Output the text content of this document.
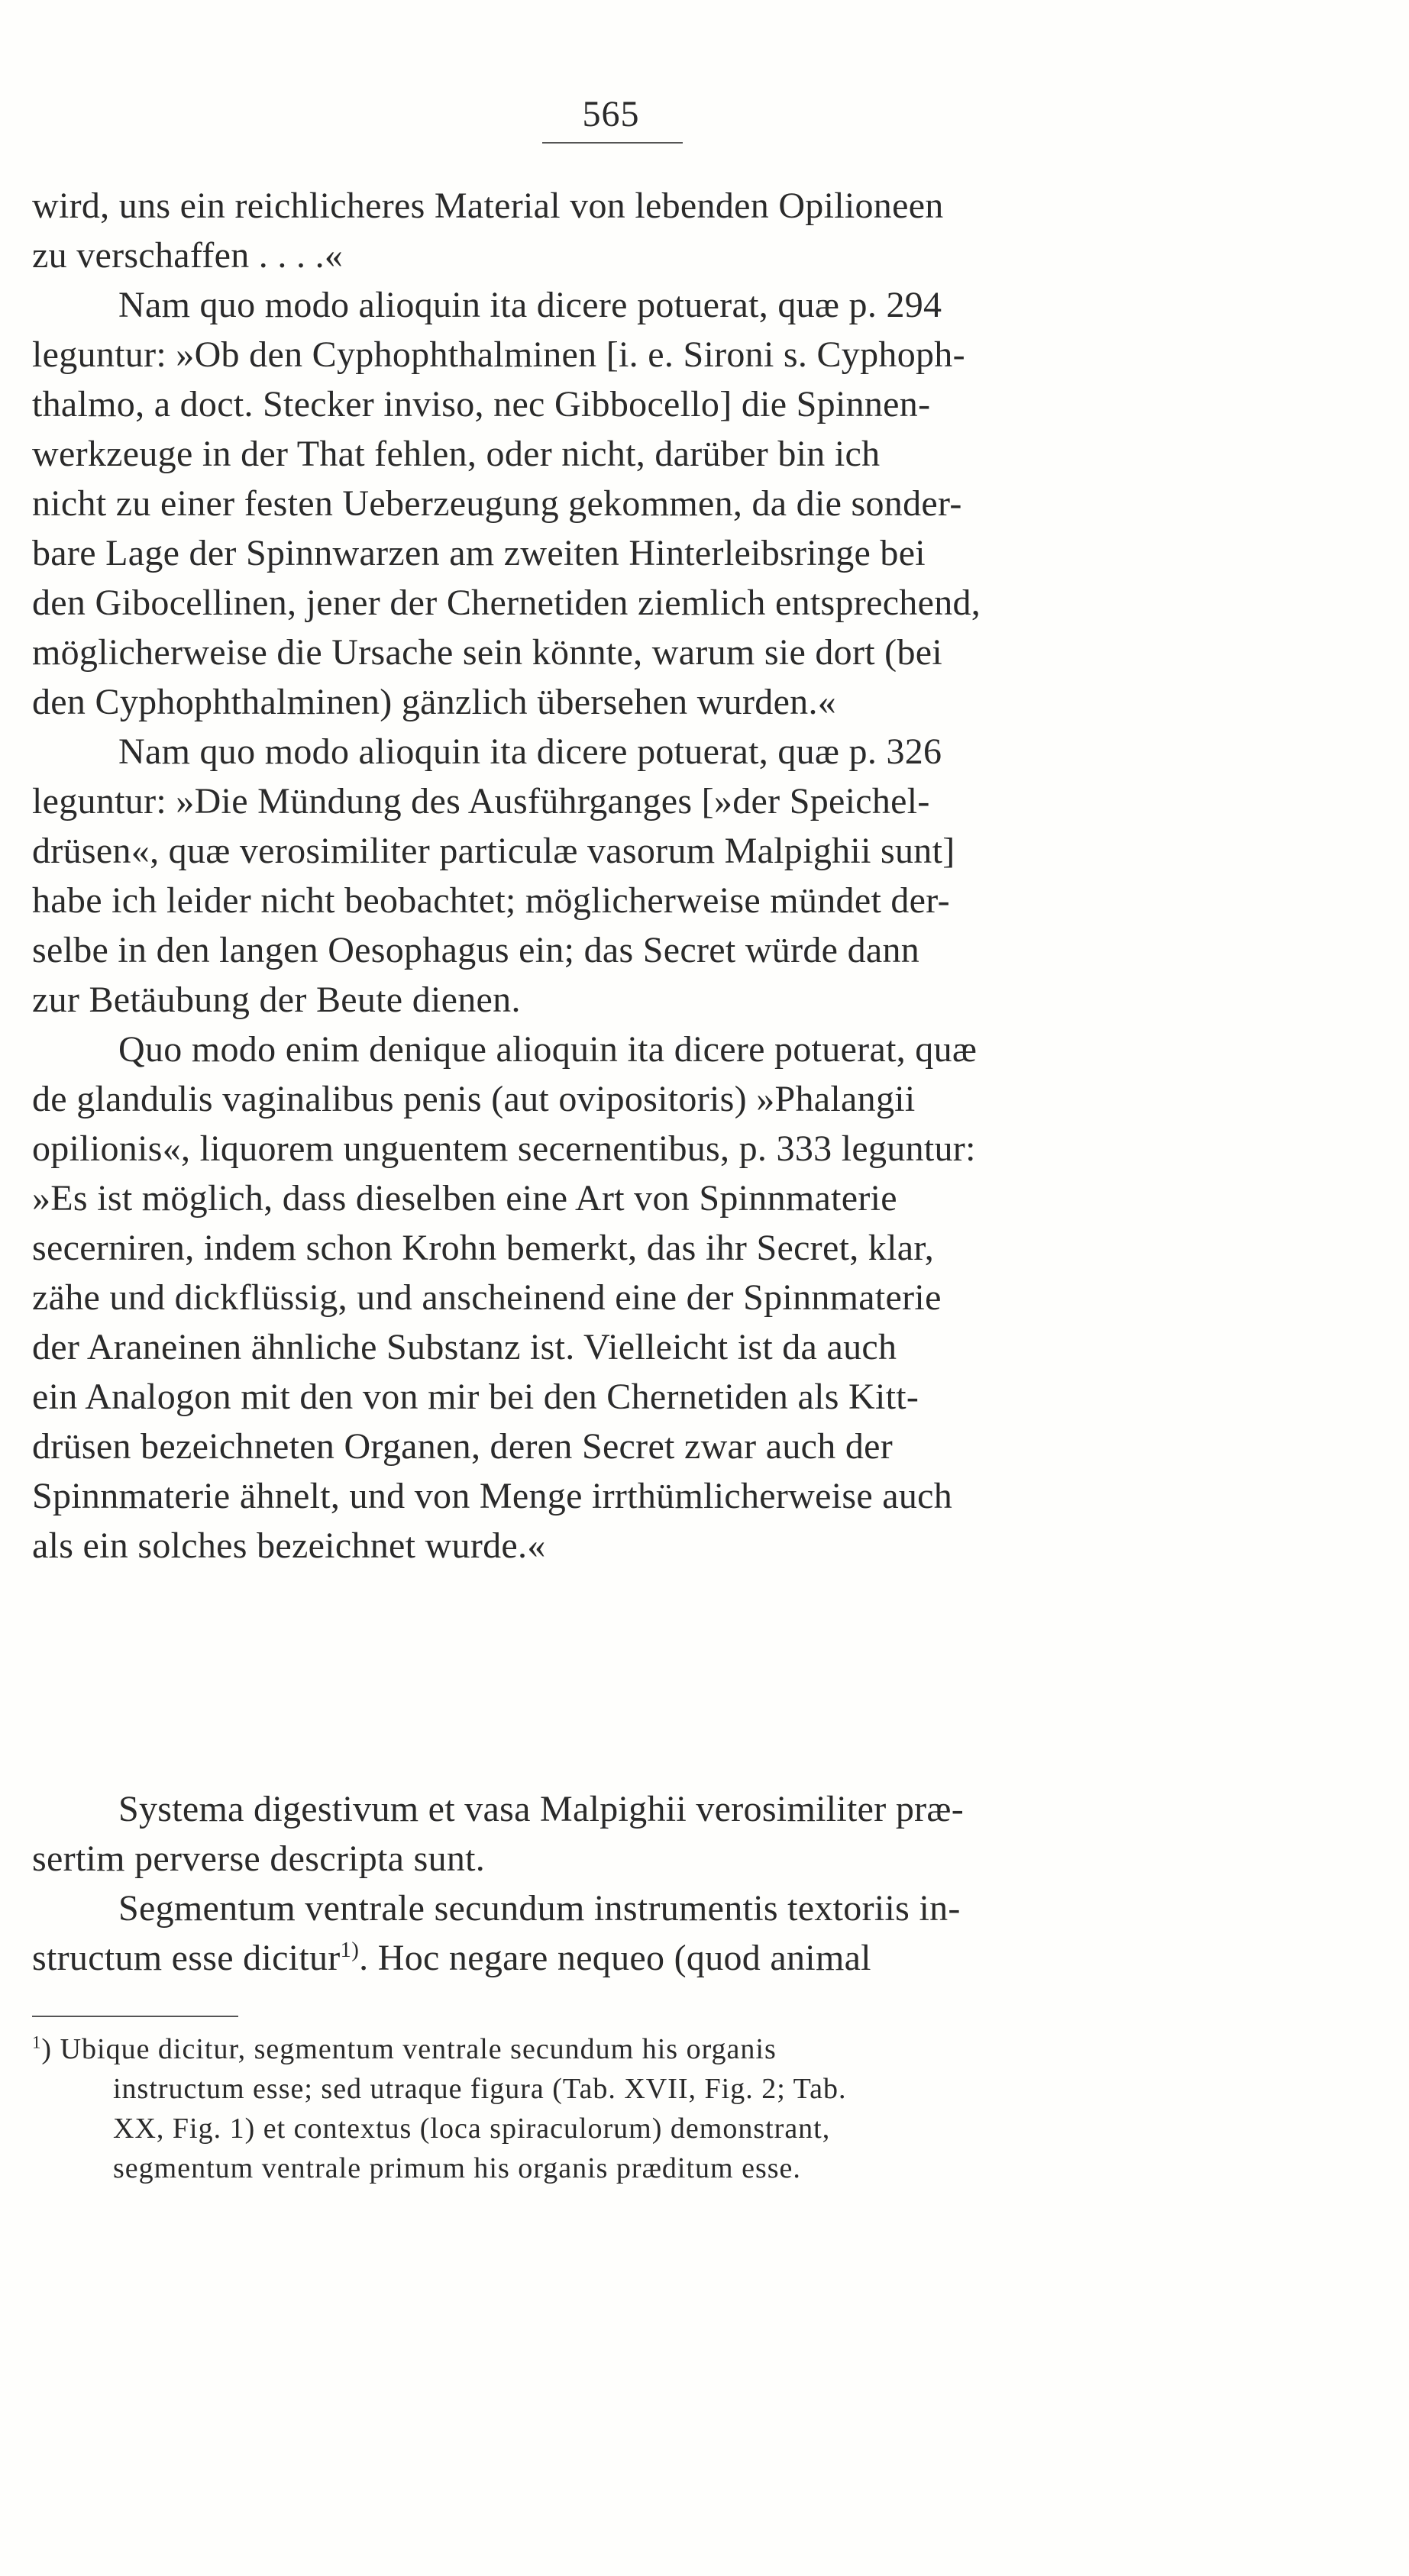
565
wird, uns ein reichlicheres Material von lebenden Opilioneen
zu verschaffen . . . .«
Nam quo modo alioquin ita dicere potuerat, quæ p. 294
leguntur: »Ob den Cyphophthalminen [i. e. Sironi s. Cyphoph-
thalmo, a doct. Stecker inviso, nec Gibbocello] die Spinnen-
werkzeuge in der That fehlen, oder nicht, darüber bin ich
nicht zu einer festen Ueberzeugung gekommen, da die sonder-
bare Lage der Spinnwarzen am zweiten Hinterleibsringe bei
den Gibocellinen, jener der Chernetiden ziemlich entsprechend,
möglicherweise die Ursache sein könnte, warum sie dort (bei
den Cyphophthalminen) gänzlich übersehen wurden.«
Nam quo modo alioquin ita dicere potuerat, quæ p. 326
leguntur: »Die Mündung des Ausführganges [»der Speichel-
drüsen«, quæ verosimiliter particulæ vasorum Malpighii sunt]
habe ich leider nicht beobachtet; möglicherweise mündet der-
selbe in den langen Oesophagus ein; das Secret würde dann
zur Betäubung der Beute dienen.
Quo modo enim denique alioquin ita dicere potuerat, quæ
de glandulis vaginalibus penis (aut ovipositoris) »Phalangii
opilionis«, liquorem unguentem secernentibus, p. 333 leguntur:
»Es ist möglich, dass dieselben eine Art von Spinnmaterie
secerniren, indem schon Krohn bemerkt, das ihr Secret, klar,
zähe und dickflüssig, und anscheinend eine der Spinnmaterie
der Araneinen ähnliche Substanz ist. Vielleicht ist da auch
ein Analogon mit den von mir bei den Chernetiden als Kitt-
drüsen bezeichneten Organen, deren Secret zwar auch der
Spinnmaterie ähnelt, und von Menge irrthümlicherweise auch
als ein solches bezeichnet wurde.«
Systema digestivum et vasa Malpighii verosimiliter præ-
sertim perverse descripta sunt.
Segmentum ventrale secundum instrumentis textoriis in-
structum esse dicitur$^{1)}$. Hoc negare nequeo (quod animal
$^1$) Ubique dicitur, segmentum ventrale secundum his organis
instructum esse; sed utraque figura (Tab. XVII, Fig. 2; Tab.
XX, Fig. 1) et contextus (loca spiraculorum) demonstrant,
segmentum ventrale primum his organis præditum esse.
